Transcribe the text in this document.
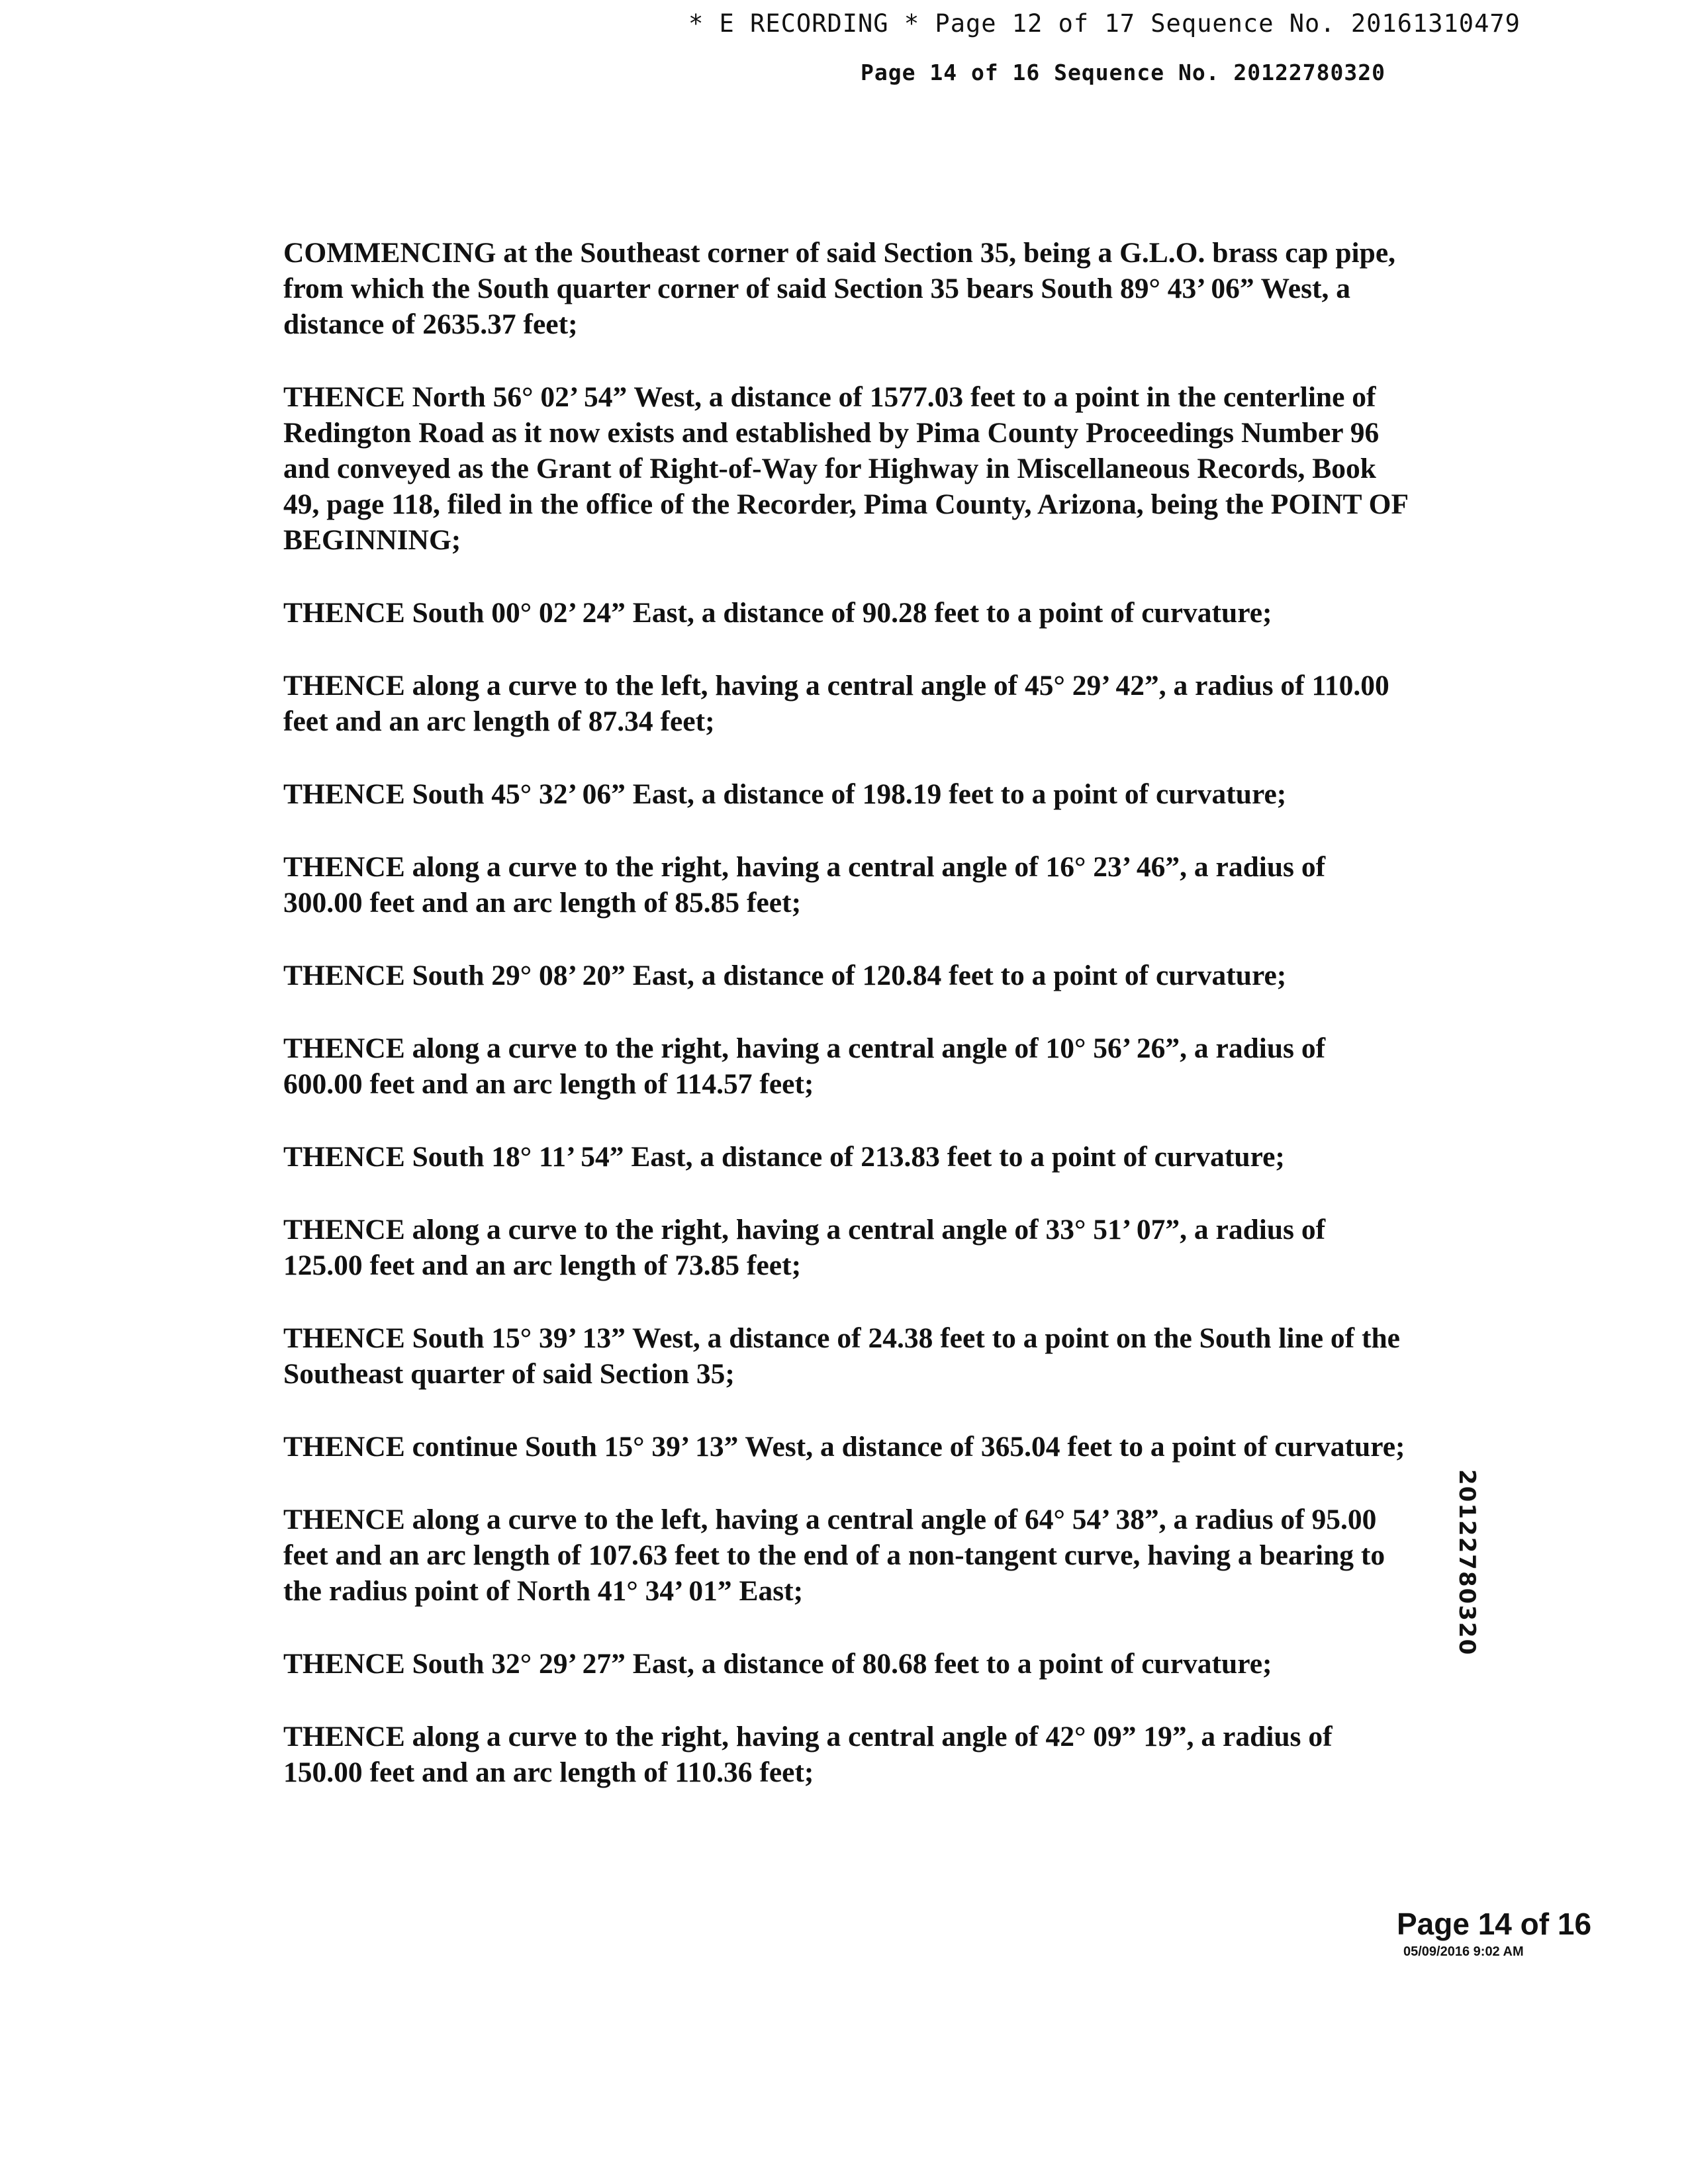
* E RECORDING * Page 12 of 17 Sequence No. 20161310479
Page 14 of 16 Sequence No. 20122780320

COMMENCING at the Southeast corner of said Section 35, being a G.L.O. brass cap pipe, from which the South quarter corner of said Section 35 bears South 89° 43’ 06” West, a distance of 2635.37 feet;

THENCE North 56° 02’ 54” West, a distance of 1577.03 feet to a point in the centerline of Redington Road as it now exists and established by Pima County Proceedings Number 96 and conveyed as the Grant of Right-of-Way for Highway in Miscellaneous Records, Book 49, page 118, filed in the office of the Recorder, Pima County, Arizona, being the POINT OF BEGINNING;

THENCE South 00° 02’ 24” East, a distance of 90.28 feet to a point of curvature;

THENCE along a curve to the left, having a central angle of 45° 29’ 42”, a radius of 110.00 feet and an arc length of 87.34 feet;

THENCE South 45° 32’ 06” East, a distance of 198.19 feet to a point of curvature;

THENCE along a curve to the right, having a central angle of 16° 23’ 46”, a radius of 300.00 feet and an arc length of 85.85 feet;

THENCE South 29° 08’ 20” East, a distance of 120.84 feet to a point of curvature;

THENCE along a curve to the right, having a central angle of 10° 56’ 26”, a radius of 600.00 feet and an arc length of 114.57 feet;

THENCE South 18° 11’ 54” East, a distance of 213.83 feet to a point of curvature;

THENCE along a curve to the right, having a central angle of 33° 51’ 07”, a radius of 125.00 feet and an arc length of 73.85 feet;

THENCE South 15° 39’ 13” West, a distance of 24.38 feet to a point on the South line of the Southeast quarter of said Section 35;

THENCE continue South 15° 39’ 13” West, a distance of 365.04 feet to a point of curvature;

THENCE along a curve to the left, having a central angle of 64° 54’ 38”, a radius of 95.00 feet and an arc length of 107.63 feet to the end of a non-tangent curve, having a bearing to the radius point of North 41° 34’ 01” East;

THENCE South 32° 29’ 27” East, a distance of 80.68 feet to a point of curvature;

THENCE along a curve to the right, having a central angle of 42° 09” 19”, a radius of 150.00 feet and an arc length of 110.36 feet;

20122780320
Page 14 of 16
05/09/2016 9:02 AM
